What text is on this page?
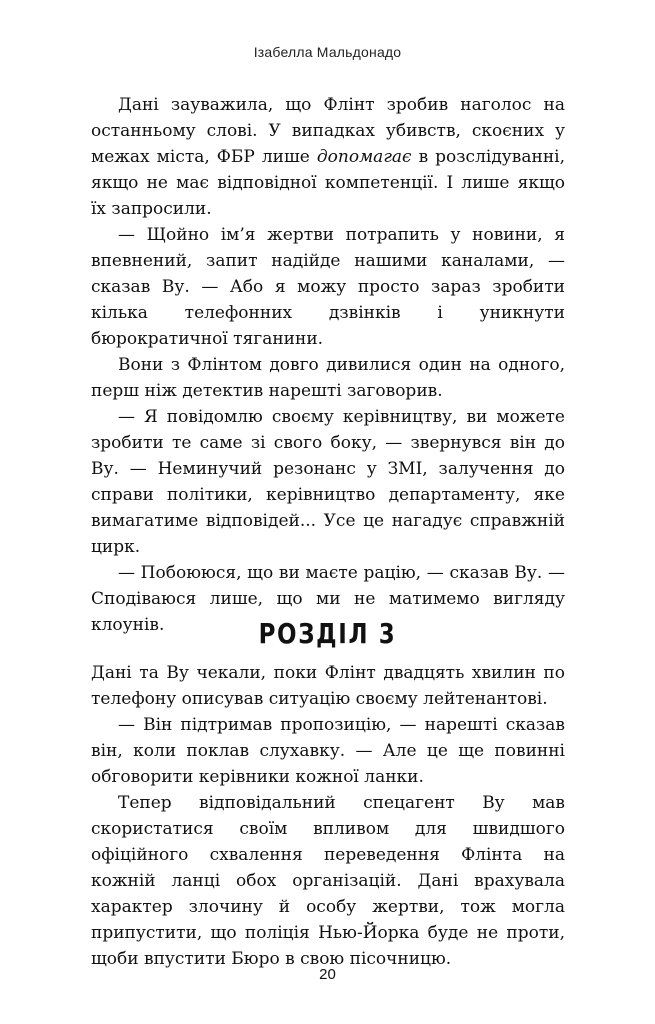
Ізабелла Мальдонадо

Дані зауважила, що Флінт зробив наголос на останньому слові. У випадках убивств, скоєних у межах міста, ФБР лише допомагає в розслідуванні, якщо не має відповідної компетенції. І лише якщо їх запросили.

— Щойно ім’я жертви потрапить у новини, я впевнений, запит надійде нашими каналами, — сказав Ву. — Або я можу просто зараз зробити кілька телефонних дзвінків і уникнути бюрократичної тяганини.

Вони з Флінтом довго дивилися один на одного, перш ніж детектив нарешті заговорив.

— Я повідомлю своєму керівництву, ви можете зробити те саме зі свого боку, — звернувся він до Ву. — Неминучий резонанс у ЗМІ, залучення до справи політики, керівництво департаменту, яке вимагатиме відповідей... Усе це нагадує справжній цирк.

— Побоююся, що ви маєте рацію, — сказав Ву. — Сподіваюся лише, що ми не матимемо вигляду клоунів.	РОЗДІЛ 3

Дані та Ву чекали, поки Флінт двадцять хвилин по телефону описував ситуацію своєму лейтенантові.

— Він підтримав пропозицію, — нарешті сказав він, коли поклав слухавку. — Але це ще повинні обговорити керівники кожної ланки.

Тепер відповідальний спецагент Ву мав скористатися своїм впливом для швидшого офіційного схвалення переведення Флінта на кожній ланці обох організацій. Дані врахувала характер злочину й особу жертви, тож могла припустити, що поліція Нью-Йорка буде не проти, щоби впустити Бюро в свою пісочницю.

20
